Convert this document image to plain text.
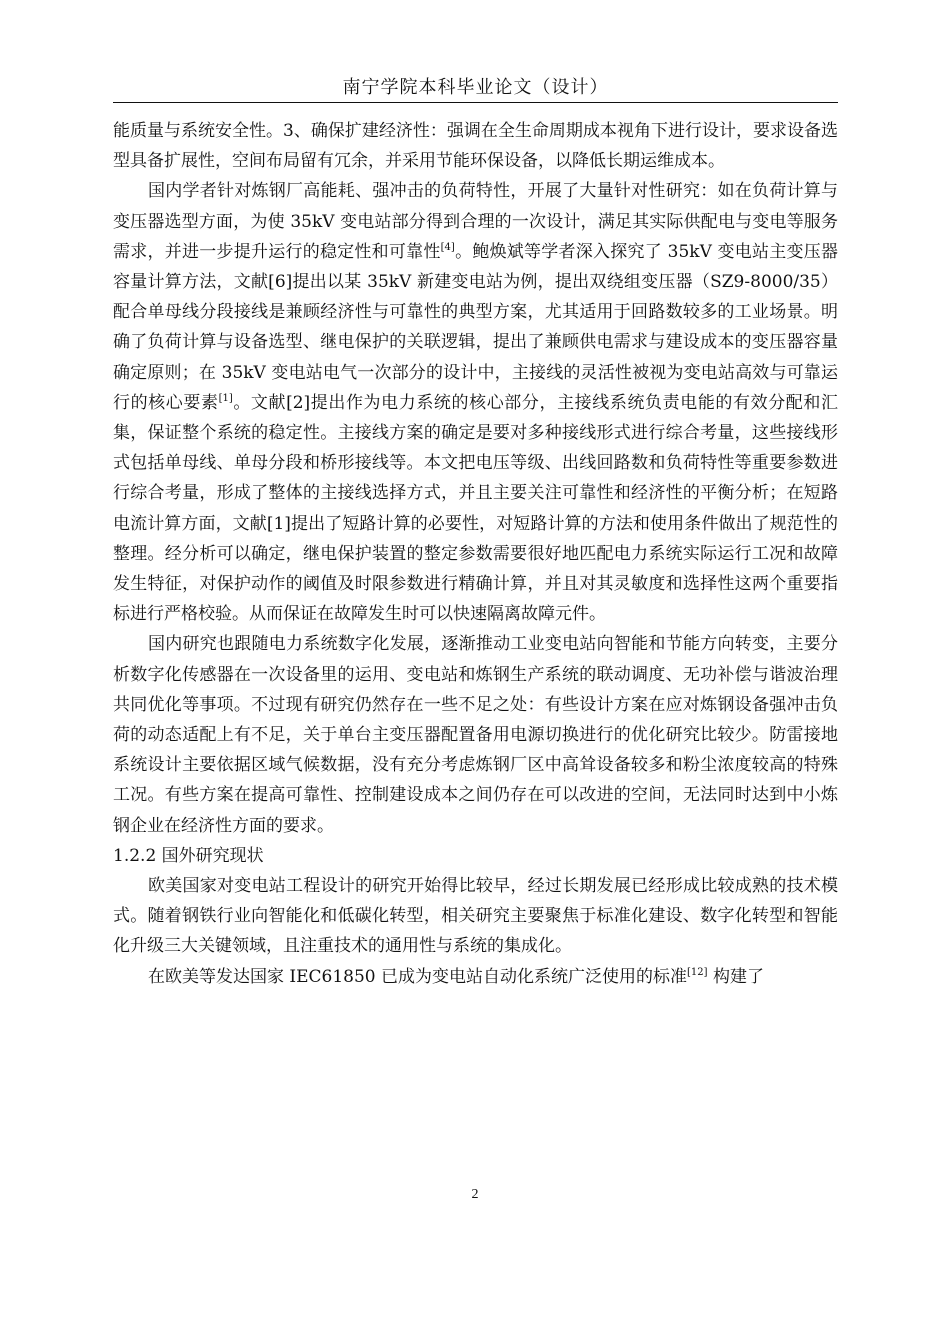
南宁学院本科毕业论文（设计）

能质量与系统安全性。3、确保扩建经济性：强调在全生命周期成本视角下进行设计，要求设备选型具备扩展性，空间布局留有冗余，并采用节能环保设备，以降低长期运维成本。

国内学者针对炼钢厂高能耗、强冲击的负荷特性，开展了大量针对性研究：如在负荷计算与变压器选型方面，为使 35kV 变电站部分得到合理的一次设计，满足其实际供配电与变电等服务需求，并进一步提升运行的稳定性和可靠性[4]。鲍焕斌等学者深入探究了 35kV 变电站主变压器容量计算方法，文献[6]提出以某 35kV 新建变电站为例，提出双绕组变压器（SZ9-8000/35）配合单母线分段接线是兼顾经济性与可靠性的典型方案，尤其适用于回路数较多的工业场景。明确了负荷计算与设备选型、继电保护的关联逻辑，提出了兼顾供电需求与建设成本的变压器容量确定原则；在 35kV 变电站电气一次部分的设计中，主接线的灵活性被视为变电站高效与可靠运行的核心要素[1]。文献[2]提出作为电力系统的核心部分，主接线系统负责电能的有效分配和汇集，保证整个系统的稳定性。主接线方案的确定是要对多种接线形式进行综合考量，这些接线形式包括单母线、单母分段和桥形接线等。本文把电压等级、出线回路数和负荷特性等重要参数进行综合考量，形成了整体的主接线选择方式，并且主要关注可靠性和经济性的平衡分析；在短路电流计算方面，文献[1]提出了短路计算的必要性，对短路计算的方法和使用条件做出了规范性的整理。经分析可以确定，继电保护装置的整定参数需要很好地匹配电力系统实际运行工况和故障发生特征，对保护动作的阈值及时限参数进行精确计算，并且对其灵敏度和选择性这两个重要指标进行严格校验。从而保证在故障发生时可以快速隔离故障元件。

国内研究也跟随电力系统数字化发展，逐渐推动工业变电站向智能和节能方向转变，主要分析数字化传感器在一次设备里的运用、变电站和炼钢生产系统的联动调度、无功补偿与谐波治理共同优化等事项。不过现有研究仍然存在一些不足之处：有些设计方案在应对炼钢设备强冲击负荷的动态适配上有不足，关于单台主变压器配置备用电源切换进行的优化研究比较少。防雷接地系统设计主要依据区域气候数据，没有充分考虑炼钢厂区中高耸设备较多和粉尘浓度较高的特殊工况。有些方案在提高可靠性、控制建设成本之间仍存在可以改进的空间，无法同时达到中小炼钢企业在经济性方面的要求。

1.2.2 国外研究现状

欧美国家对变电站工程设计的研究开始得比较早，经过长期发展已经形成比较成熟的技术模式。随着钢铁行业向智能化和低碳化转型，相关研究主要聚焦于标准化建设、数字化转型和智能化升级三大关键领域，且注重技术的通用性与系统的集成化。

在欧美等发达国家 IEC61850 已成为变电站自动化系统广泛使用的标准[12] 构建了

2
